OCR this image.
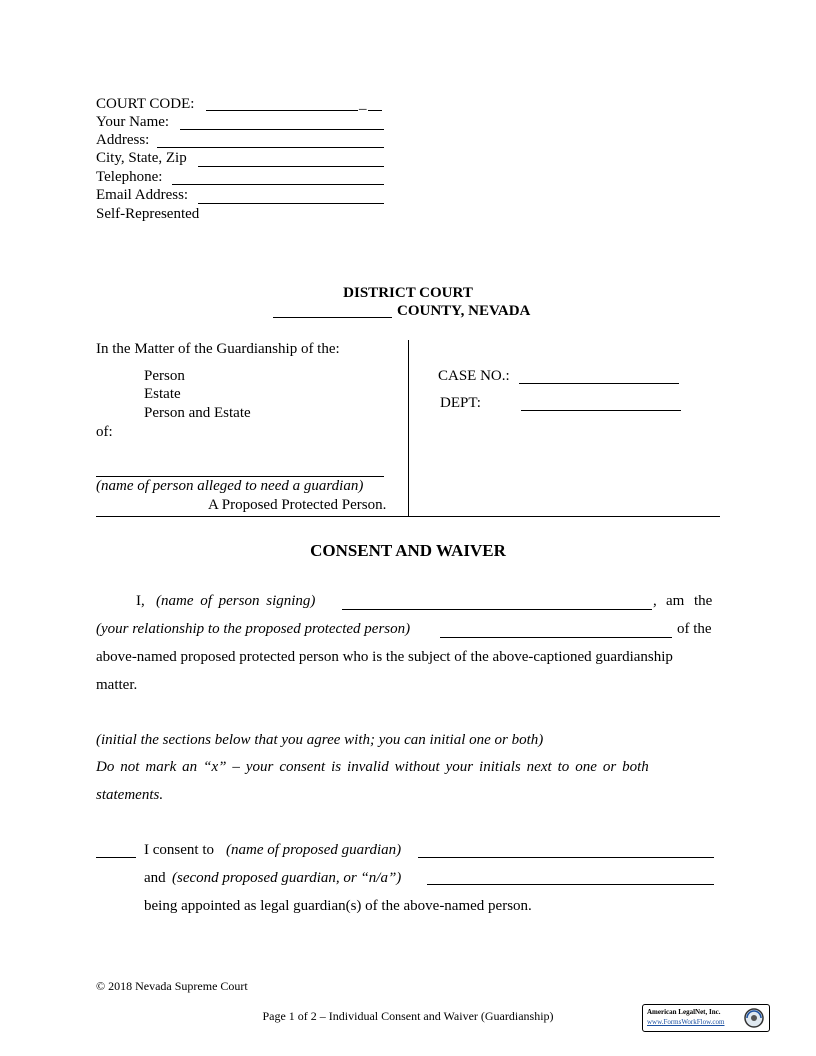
COURT CODE:	_
Your Name:
Address:
City, State, Zip
Telephone:
Email Address:
Self-Represented
DISTRICT COURT
COUNTY, NEVADA
In the Matter of the Guardianship of the:
Person
Estate
Person and Estate
of:
(name of person alleged to need a guardian)
A Proposed Protected Person.
CASE NO.:
DEPT:
CONSENT AND WAIVER
I, (name of person signing)	, am the
(your relationship to the proposed protected person)	of the
above-named proposed protected person who is the subject of the above-captioned guardianship
matter.
(initial the sections below that you agree with; you can initial one or both)
Do not mark an “x” – your consent is invalid without your initials next to one or both
statements.
I consent to (name of proposed guardian)
and (second proposed guardian, or “n/a”)
being appointed as legal guardian(s) of the above-named person.
© 2018 Nevada Supreme Court
Page 1 of 2 – Individual Consent and Waiver (Guardianship)	American LegalNet, Inc.
www.FormsWorkFlow.com
